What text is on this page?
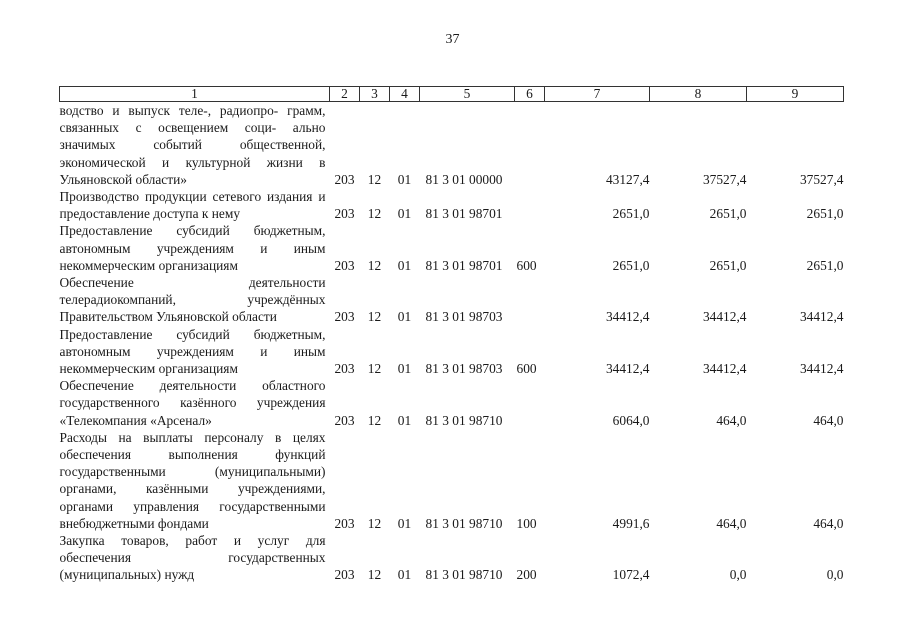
37
1	2	3	4	5	6	7	8	9
водство и выпуск теле-, радиопро- грамм, связанных с освещением соци- ально значимых событий общественной, экономической и культурной жизни в Ульяновской области»	203	12	01	81 3 01 00000		43127,4	37527,4	37527,4
Производство продукции сетевого издания и предоставление доступа к нему	203	12	01	81 3 01 98701		2651,0	2651,0	2651,0
Предоставление субсидий бюджетным, автономным учреждениям и иным некоммерческим организациям	203	12	01	81 3 01 98701	600	2651,0	2651,0	2651,0
Обеспечение деятельности телерадиокомпаний, учреждённых Правительством Ульяновской области	203	12	01	81 3 01 98703		34412,4	34412,4	34412,4
Предоставление субсидий бюджетным, автономным учреждениям и иным некоммерческим организациям	203	12	01	81 3 01 98703	600	34412,4	34412,4	34412,4
Обеспечение деятельности областного государственного казённого учреждения «Телекомпания «Арсенал»	203	12	01	81 3 01 98710		6064,0	464,0	464,0
Расходы на выплаты персоналу в целях обеспечения выполнения функций государственными (муниципальными) органами, казёнными учреждениями, органами управления государственными внебюджетными фондами	203	12	01	81 3 01 98710	100	4991,6	464,0	464,0
Закупка товаров, работ и услуг для обеспечения государственных (муниципальных) нужд	203	12	01	81 3 01 98710	200	1072,4	0,0	0,0
